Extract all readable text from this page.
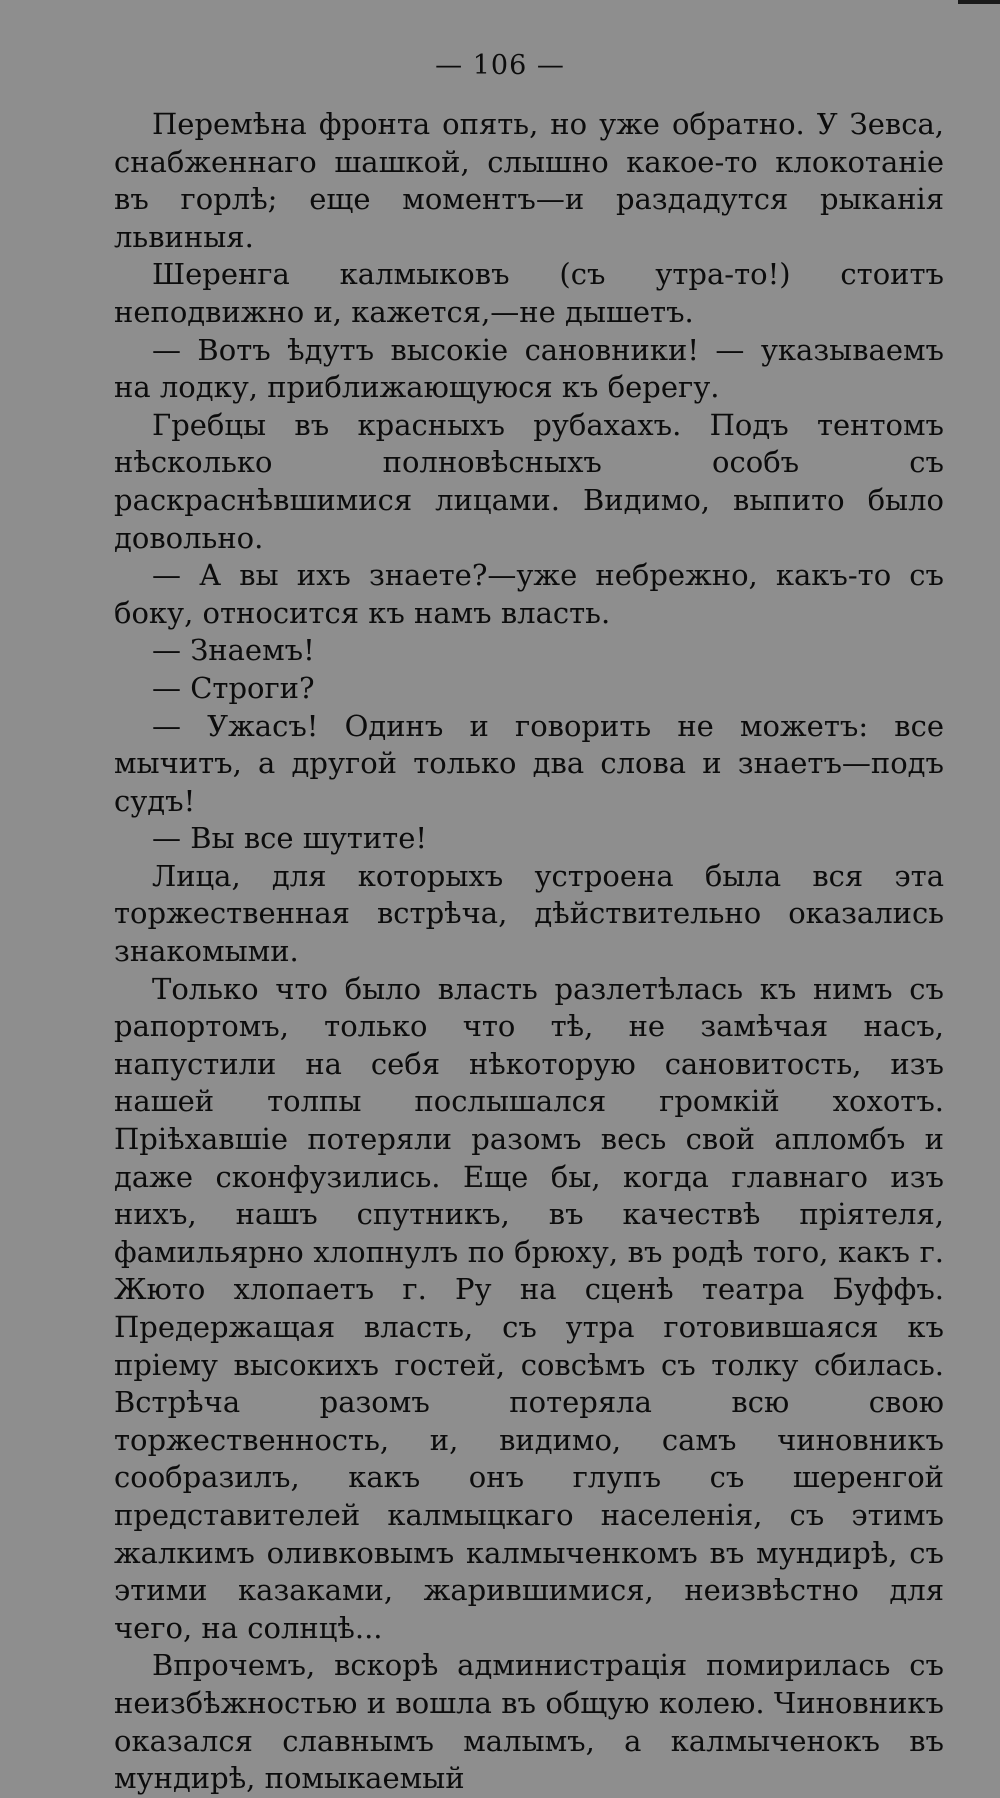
— 106 —

Перемѣна фронта опять, но уже обратно. У Зевса, снабженнаго шашкой, слышно какое-то клокотаніе въ горлѣ; еще моментъ—и раздадутся рыканія львиныя.

Шеренга калмыковъ (съ утра-то!) стоитъ неподвижно и, кажется,—не дышетъ.

— Вотъ ѣдутъ высокіе сановники! — указываемъ на лодку, приближающуюся къ берегу.

Гребцы въ красныхъ рубахахъ. Подъ тентомъ нѣсколько полновѣсныхъ особъ съ раскраснѣвшимися лицами. Видимо, выпито было довольно.

— А вы ихъ знаете?—уже небрежно, какъ-то съ боку, относится къ намъ власть.

— Знаемъ!

— Строги?

— Ужасъ! Одинъ и говорить не можетъ: все мычитъ, а другой только два слова и знаетъ—подъ судъ!

— Вы все шутите!

Лица, для которыхъ устроена была вся эта торжественная встрѣча, дѣйствительно оказались знакомыми.

Только что было власть разлетѣлась къ нимъ съ рапортомъ, только что тѣ, не замѣчая насъ, напустили на себя нѣкоторую сановитость, изъ нашей толпы послышался громкій хохотъ. Пріѣхавшіе потеряли разомъ весь свой апломбъ и даже сконфузились. Еще бы, когда главнаго изъ нихъ, нашъ спутникъ, въ качествѣ пріятеля, фамильярно хлопнулъ по брюху, въ родѣ того, какъ г. Жюто хлопаетъ г. Ру на сценѣ театра Буффъ. Предержащая власть, съ утра готовившаяся къ пріему высокихъ гостей, совсѣмъ съ толку сбилась. Встрѣча разомъ потеряла всю свою торжественность, и, видимо, самъ чиновникъ сообразилъ, какъ онъ глупъ съ шеренгой представителей калмыцкаго населенія, съ этимъ жалкимъ оливковымъ калмыченкомъ въ мундирѣ, съ этими казаками, жарившимися, неизвѣстно для чего, на солнцѣ...

Впрочемъ, вскорѣ администрація помирилась съ неизбѣжностью и вошла въ общую колею. Чиновникъ оказался славнымъ малымъ, а калмыченокъ въ мундирѣ, помыкаемый
